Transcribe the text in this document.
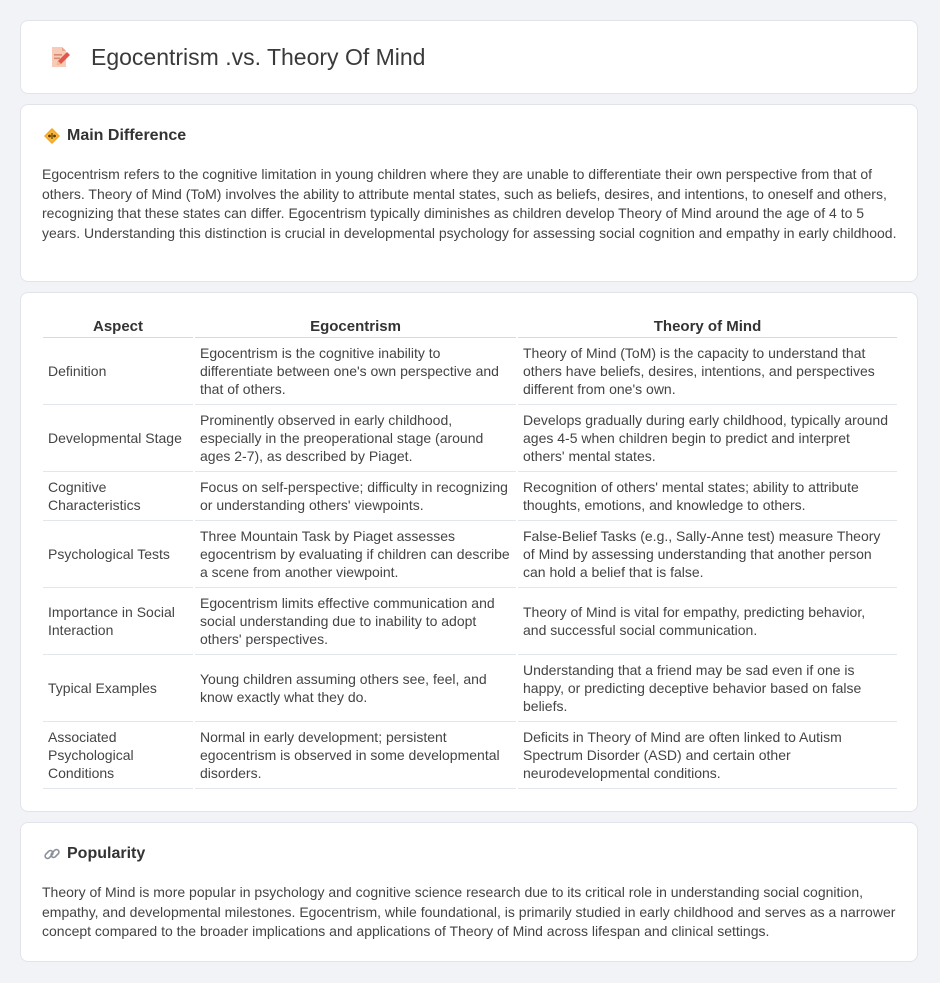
Egocentrism .vs. Theory Of Mind
Main Difference

Egocentrism refers to the cognitive limitation in young children where they are unable to differentiate their own perspective from that of others. Theory of Mind (ToM) involves the ability to attribute mental states, such as beliefs, desires, and intentions, to oneself and others, recognizing that these states can differ. Egocentrism typically diminishes as children develop Theory of Mind around the age of 4 to 5 years. Understanding this distinction is crucial in developmental psychology for assessing social cognition and empathy in early childhood.

Aspect	Egocentrism	Theory of Mind
Definition	Egocentrism is the cognitive inability to differentiate between one's own perspective and that of others.	Theory of Mind (ToM) is the capacity to understand that others have beliefs, desires, intentions, and perspectives different from one's own.
Developmental Stage	Prominently observed in early childhood, especially in the preoperational stage (around ages 2-7), as described by Piaget.	Develops gradually during early childhood, typically around ages 4-5 when children begin to predict and interpret others' mental states.
Cognitive Characteristics	Focus on self-perspective; difficulty in recognizing or understanding others' viewpoints.	Recognition of others' mental states; ability to attribute thoughts, emotions, and knowledge to others.
Psychological Tests	Three Mountain Task by Piaget assesses egocentrism by evaluating if children can describe a scene from another viewpoint.	False-Belief Tasks (e.g., Sally-Anne test) measure Theory of Mind by assessing understanding that another person can hold a belief that is false.
Importance in Social Interaction	Egocentrism limits effective communication and social understanding due to inability to adopt others' perspectives.	Theory of Mind is vital for empathy, predicting behavior, and successful social communication.
Typical Examples	Young children assuming others see, feel, and know exactly what they do.	Understanding that a friend may be sad even if one is happy, or predicting deceptive behavior based on false beliefs.
Associated Psychological Conditions	Normal in early development; persistent egocentrism is observed in some developmental disorders.	Deficits in Theory of Mind are often linked to Autism Spectrum Disorder (ASD) and certain other neurodevelopmental conditions.
Popularity

Theory of Mind is more popular in psychology and cognitive science research due to its critical role in understanding social cognition, empathy, and developmental milestones. Egocentrism, while foundational, is primarily studied in early childhood and serves as a narrower concept compared to the broader implications and applications of Theory of Mind across lifespan and clinical settings.
